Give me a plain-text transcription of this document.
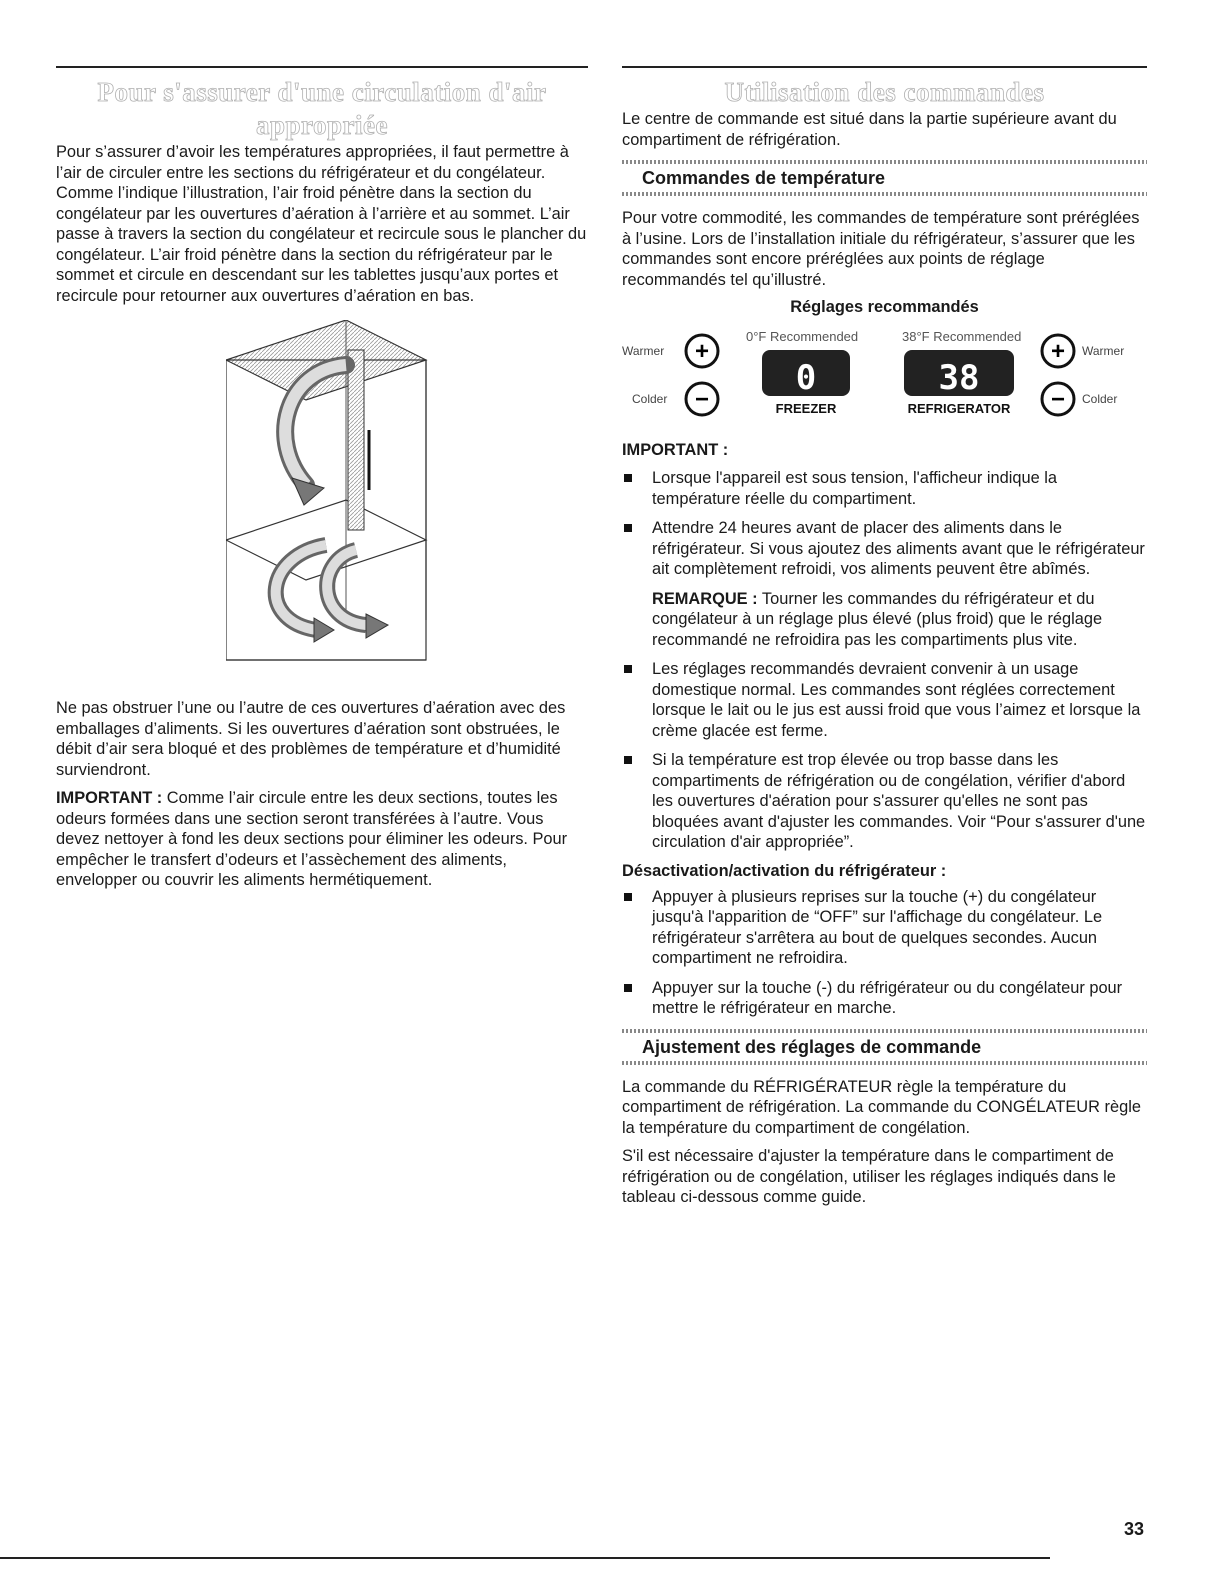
Pour s'assurer d'une circulation d'air appropriée

Pour s’assurer d’avoir les températures appropriées, il faut permettre à l’air de circuler entre les sections du réfrigérateur et du congélateur. Comme l’indique l’illustration, l’air froid pénètre dans la section du congélateur par les ouvertures d’aération à l’arrière et au sommet. L’air passe à travers la section du congélateur et recircule sous le plancher du congélateur. L’air froid pénètre dans la section du réfrigérateur par le sommet et circule en descendant sur les tablettes jusqu’aux portes et recircule pour retourner aux ouvertures d’aération en bas.

Ne pas obstruer l’une ou l’autre de ces ouvertures d’aération avec des emballages d’aliments. Si les ouvertures d’aération sont obstruées, le débit d’air sera bloqué et des problèmes de température et d’humidité surviendront.

IMPORTANT : Comme l’air circule entre les deux sections, toutes les odeurs formées dans une section seront transférées à l’autre. Vous devez nettoyer à fond les deux sections pour éliminer les odeurs. Pour empêcher le transfert d’odeurs et l’assèchement des aliments, envelopper ou couvrir les aliments hermétiquement.

Utilisation des commandes

Le centre de commande est situé dans la partie supérieure avant du compartiment de réfrigération.

Commandes de température

Pour votre commodité, les commandes de température sont préréglées à l’usine. Lors de l’installation initiale du réfrigérateur, s’assurer que les commandes sont encore préréglées aux points de réglage recommandés tel qu’illustré.

Réglages recommandés
Warmer
Colder
+
−
0°F Recommended
0
FREEZER
38°F Recommended
38
REFRIGERATOR
+
−
Warmer
Colder
IMPORTANT :
Lorsque l'appareil est sous tension, l'afficheur indique la température réelle du compartiment.
Attendre 24 heures avant de placer des aliments dans le réfrigérateur. Si vous ajoutez des aliments avant que le réfrigérateur ait complètement refroidi, vos aliments peuvent être abîmés.
REMARQUE : Tourner les commandes du réfrigérateur et du congélateur à un réglage plus élevé (plus froid) que le réglage recommandé ne refroidira pas les compartiments plus vite.
Les réglages recommandés devraient convenir à un usage domestique normal. Les commandes sont réglées correctement lorsque le lait ou le jus est aussi froid que vous l’aimez et lorsque la crème glacée est ferme.
Si la température est trop élevée ou trop basse dans les compartiments de réfrigération ou de congélation, vérifier d'abord les ouvertures d'aération pour s'assurer qu'elles ne sont pas bloquées avant d'ajuster les commandes. Voir “Pour s'assurer d'une circulation d'air appropriée”.
Désactivation/activation du réfrigérateur :
Appuyer à plusieurs reprises sur la touche (+) du congélateur jusqu'à l'apparition de “OFF” sur l'affichage du congélateur. Le réfrigérateur s'arrêtera au bout de quelques secondes. Aucun compartiment ne refroidira.
Appuyer sur la touche (-) du réfrigérateur ou du congélateur pour mettre le réfrigérateur en marche.
Ajustement des réglages de commande

La commande du RÉFRIGÉRATEUR règle la température du compartiment de réfrigération. La commande du CONGÉLATEUR règle la température du compartiment de congélation.

S'il est nécessaire d'ajuster la température dans le compartiment de réfrigération ou de congélation, utiliser les réglages indiqués dans le tableau ci-dessous comme guide.

33
